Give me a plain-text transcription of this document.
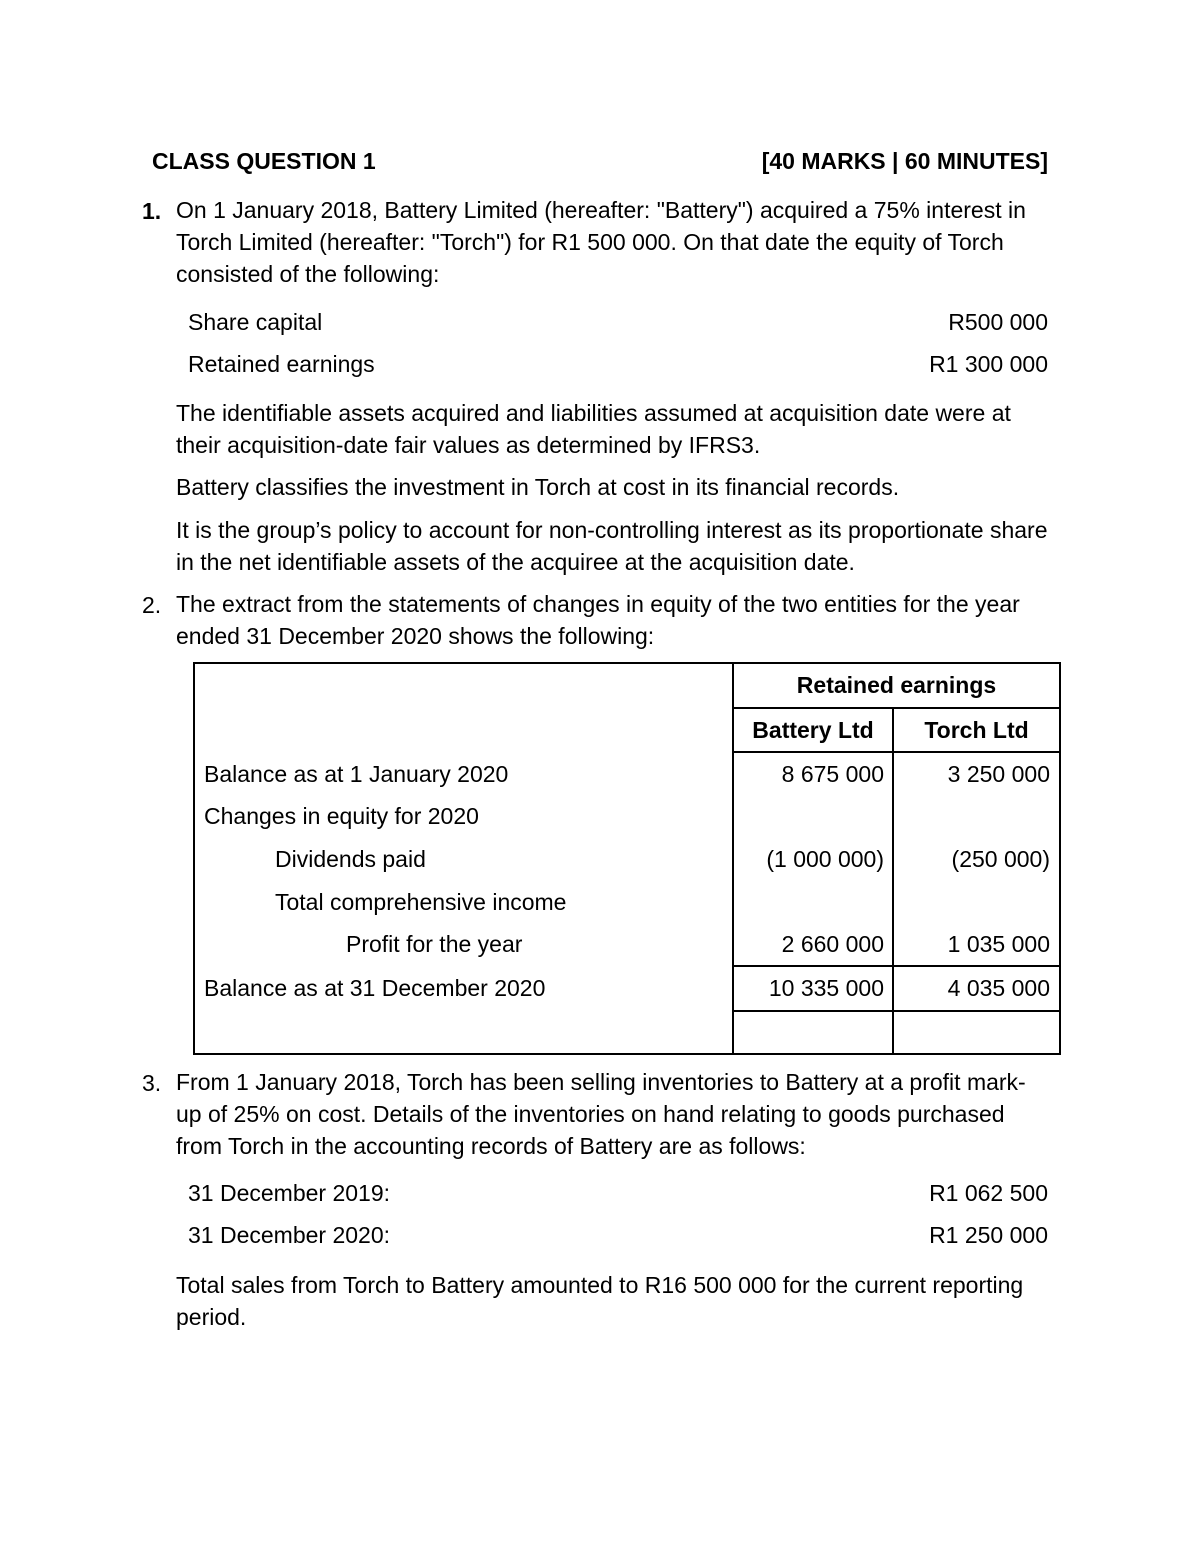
CLASS QUESTION 1	[40 MARKS | 60 MINUTES]
1. On 1 January 2018, Battery Limited (hereafter: "Battery") acquired a 75% interest in
Torch Limited (hereafter: "Torch") for R1 500 000. On that date the equity of Torch
consisted of the following:
Share capital	R500 000
Retained earnings	R1 300 000
The identifiable assets acquired and liabilities assumed at acquisition date were at
their acquisition-date fair values as determined by IFRS3.
Battery classifies the investment in Torch at cost in its financial records.
It is the group’s policy to account for non-controlling interest as its proportionate share
in the net identifiable assets of the acquiree at the acquisition date.
2. The extract from the statements of changes in equity of the two entities for the year
ended 31 December 2020 shows the following:
Retained earnings
Battery Ltd	Torch Ltd
Balance as at 1 January 2020	8 675 000	3 250 000
Changes in equity for 2020
Dividends paid	(1 000 000)	(250 000)
Total comprehensive income
Profit for the year	2 660 000	1 035 000
Balance as at 31 December 2020	10 335 000	4 035 000
3. From 1 January 2018, Torch has been selling inventories to Battery at a profit mark-
up of 25% on cost. Details of the inventories on hand relating to goods purchased
from Torch in the accounting records of Battery are as follows:
31 December 2019:	R1 062 500
31 December 2020:	R1 250 000
Total sales from Torch to Battery amounted to R16 500 000 for the current reporting
period.
